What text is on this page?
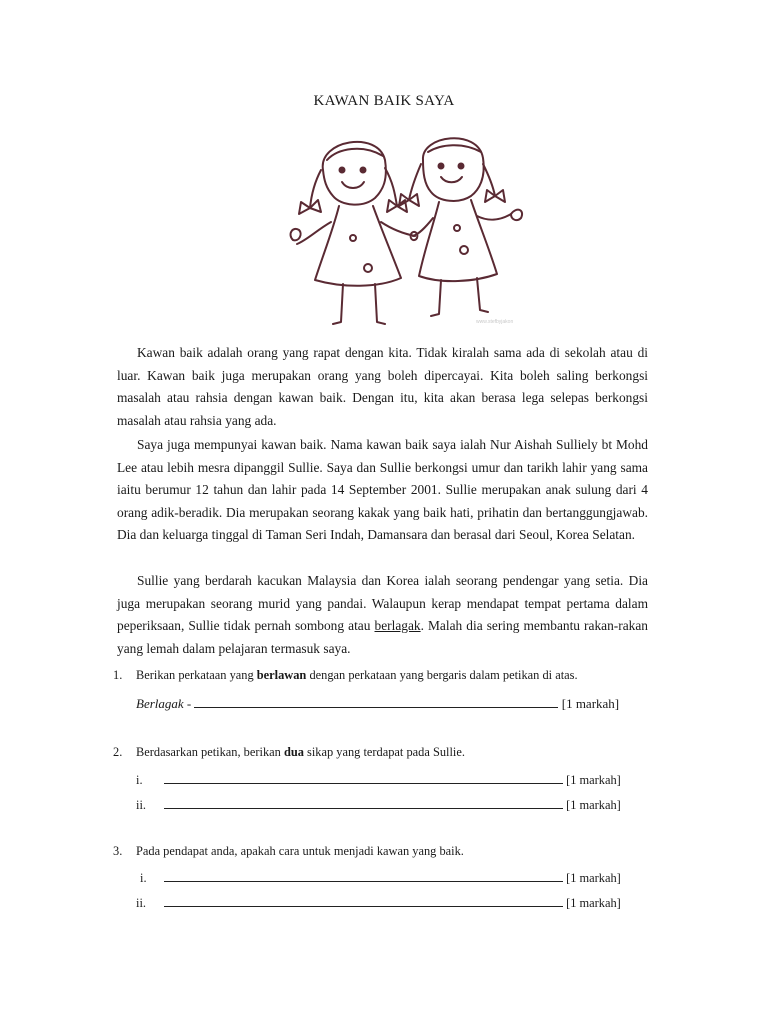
KAWAN BAIK SAYA
www.stefbyjakon

Kawan baik adalah orang yang rapat dengan kita. Tidak kiralah sama ada di sekolah atau di luar. Kawan baik juga merupakan orang yang boleh dipercayai. Kita boleh saling berkongsi masalah atau rahsia dengan kawan baik. Dengan itu, kita akan berasa lega selepas berkongsi masalah atau rahsia yang ada.

Saya juga mempunyai kawan baik. Nama kawan baik saya ialah Nur Aishah Sulliely bt Mohd Lee atau lebih mesra dipanggil Sullie. Saya dan Sullie berkongsi umur dan tarikh lahir yang sama iaitu berumur 12 tahun dan lahir pada 14 September 2001. Sullie merupakan anak sulung dari 4 orang adik-beradik. Dia merupakan seorang kakak yang baik hati, prihatin dan bertanggungjawab. Dia dan keluarga tinggal di Taman Seri Indah, Damansara dan berasal dari Seoul, Korea Selatan.

Sullie yang berdarah kacukan Malaysia dan Korea ialah seorang pendengar yang setia. Dia juga merupakan seorang murid yang pandai. Walaupun kerap mendapat tempat pertama dalam peperiksaan, Sullie tidak pernah sombong atau berlagak. Malah dia sering membantu rakan-rakan yang lemah dalam pelajaran termasuk saya.

1. Berikan perkataan yang berlawan dengan perkataan yang bergaris dalam petikan di atas.
Berlagak -	[1 markah]
2. Berdasarkan petikan, berikan dua sikap yang terdapat pada Sullie.
i.	[1 markah]
ii.	[1 markah]
3. Pada pendapat anda, apakah cara untuk menjadi kawan yang baik.
i.	[1 markah]
ii.	[1 markah]
